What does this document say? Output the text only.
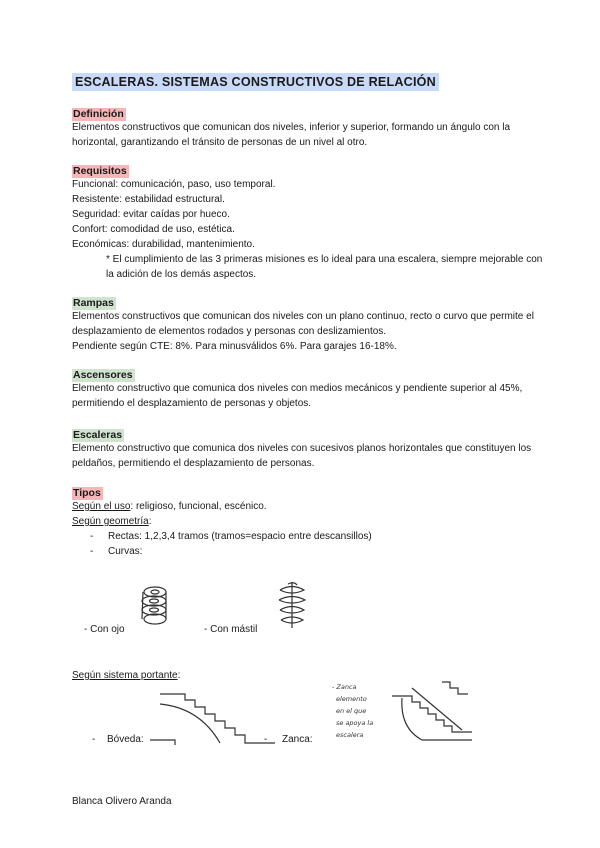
ESCALERAS. SISTEMAS CONSTRUCTIVOS DE RELACIÓN
Definición
Elementos constructivos que comunican dos niveles, inferior y superior, formando un ángulo con la horizontal, garantizando el tránsito de personas de un nivel al otro.
Requisitos
Funcional: comunicación, paso, uso temporal.
Resistente: estabilidad estructural.
Seguridad: evitar caídas por hueco.
Confort: comodidad de uso, estética.
Económicas: durabilidad, mantenimiento.
* El cumplimiento de las 3 primeras misiones es lo ideal para una escalera, siempre mejorable con la adición de los demás aspectos.
Rampas
Elementos constructivos que comunican dos niveles con un plano continuo, recto o curvo que permite el desplazamiento de elementos rodados y personas con deslizamientos.
Pendiente según CTE: 8%. Para minusválidos 6%. Para garajes 16-18%.
Ascensores
Elemento constructivo que comunica dos niveles con medios mecánicos y pendiente superior al 45%, permitiendo el desplazamiento de personas y objetos.
Escaleras
Elemento constructivo que comunica dos niveles con sucesivos planos horizontales que constituyen los peldaños, permitiendo el desplazamiento de personas.
Tipos
Según el uso: religioso, funcional, escénico.
Según geometría:
- Rectas: 1,2,3,4 tramos (tramos=espacio entre descansillos)
- Curvas:
- Con ojo	- Con mástil
Según sistema portante:
- Bóveda:	- Zanca:
- Zanca
elemento
en el que
se apoya la
escalera
Blanca Olivero Aranda
